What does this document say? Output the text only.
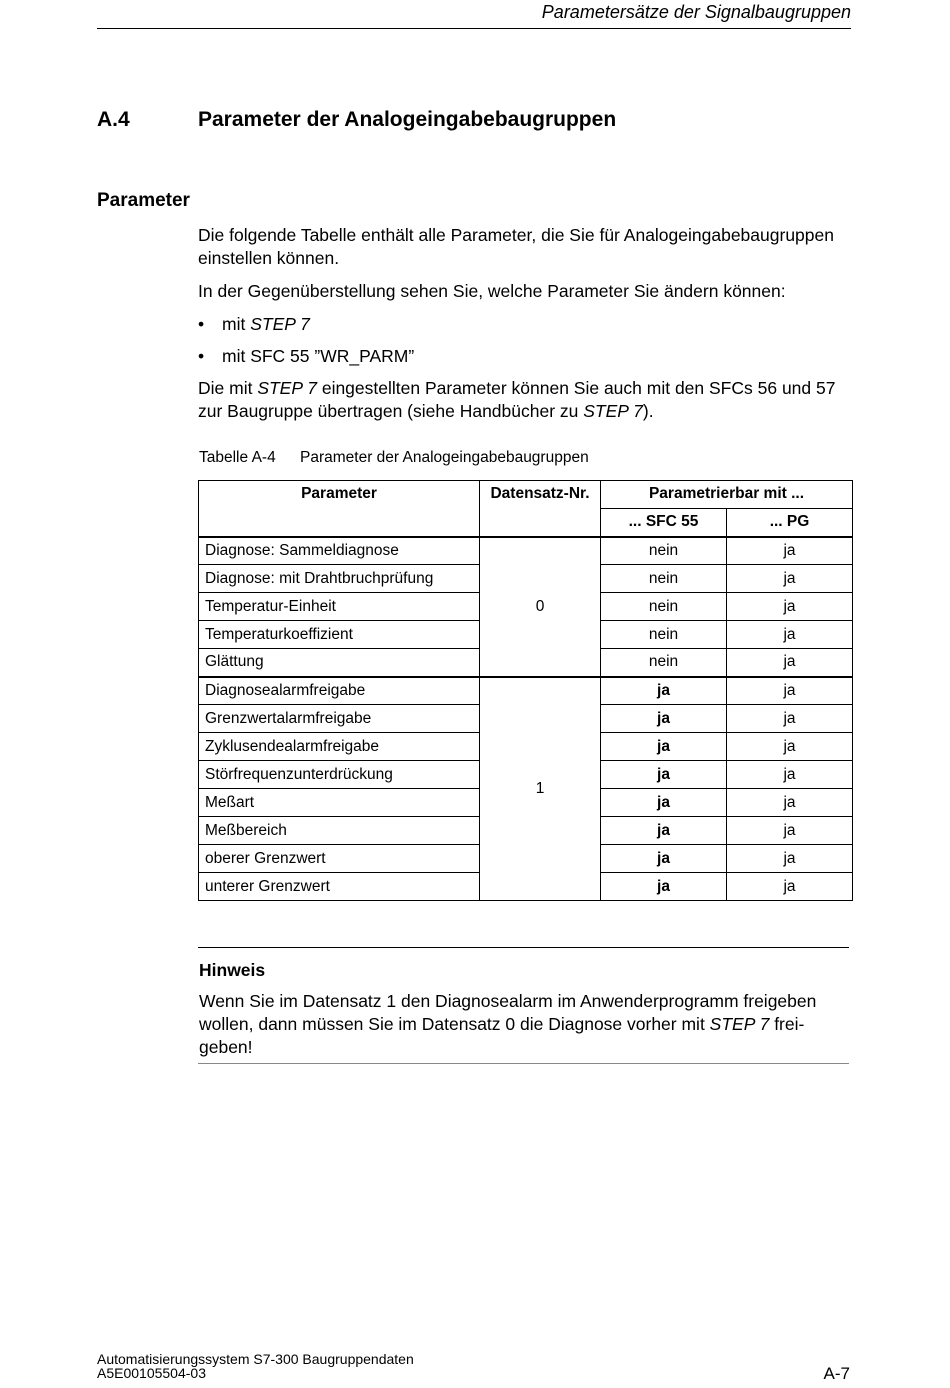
Parametersätze der Signalbaugruppen
A.4	Parameter der Analogeingabebaugruppen
Parameter
Die folgende Tabelle enthält alle Parameter, die Sie für Analogeingabebaugruppen einstellen können.
In der Gegenüberstellung sehen Sie, welche Parameter Sie ändern können:
• mit STEP 7
• mit SFC 55 ”WR_PARM”
Die mit STEP 7 eingestellten Parameter können Sie auch mit den SFCs 56 und 57 zur Baugruppe übertragen (siehe Handbücher zu STEP 7).
Tabelle A-4 Parameter der Analogeingabebaugruppen
Parameter	Datensatz-Nr.	Parametrierbar mit ...	
		... SFC 55	... PG
Diagnose: Sammeldiagnose	0	nein	ja
Diagnose: mit Drahtbruchprüfung		nein	ja
Temperatur-Einheit		nein	ja
Temperaturkoeffizient		nein	ja
Glättung		nein	ja
Diagnosealarmfreigabe	1	ja	ja
Grenzwertalarmfreigabe		ja	ja
Zyklusendealarmfreigabe		ja	ja
Störfrequenzunterdrückung		ja	ja
Meßart		ja	ja
Meßbereich		ja	ja
oberer Grenzwert		ja	ja
unterer Grenzwert		ja	ja
Hinweis
Wenn Sie im Datensatz 1 den Diagnosealarm im Anwenderprogramm freigeben wollen, dann müssen Sie im Datensatz 0 die Diagnose vorher mit STEP 7 frei-geben!
Automatisierungssystem S7-300 Baugruppendaten
A5E00105504-03	A-7
